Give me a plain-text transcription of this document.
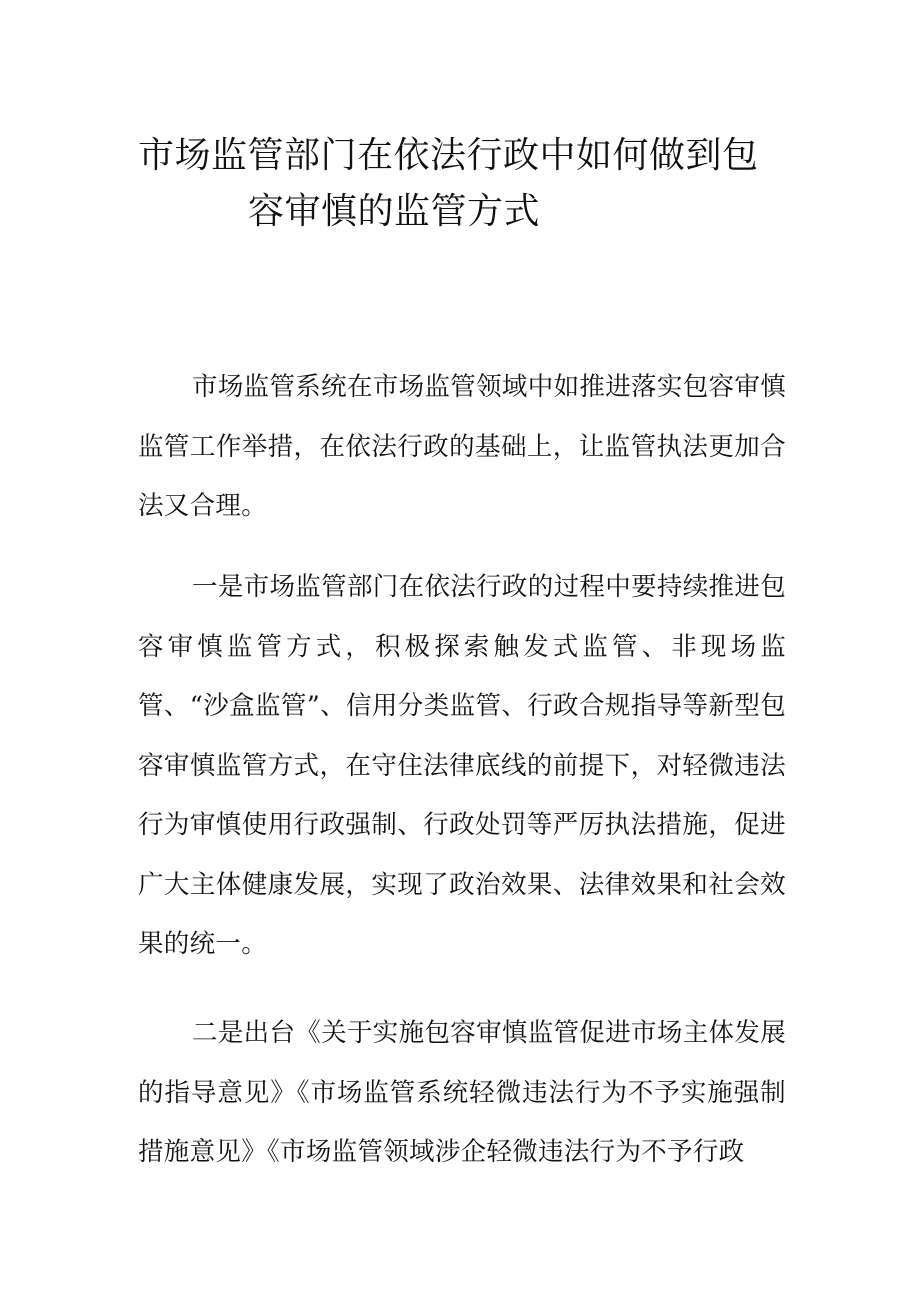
市场监管部门在依法行政中如何做到包
容审慎的监管方式

市场监管系统在市场监管领域中如推进落实包容审慎监管工作举措，在依法行政的基础上，让监管执法更加合法又合理。

一是市场监管部门在依法行政的过程中要持续推进包容审慎监管方式，积极探索触发式监管、非现场监管、“沙盒监管”、信用分类监管、行政合规指导等新型包容审慎监管方式，在守住法律底线的前提下，对轻微违法行为审慎使用行政强制、行政处罚等严厉执法措施，促进广大主体健康发展，实现了政治效果、法律效果和社会效果的统一。

二是出台《关于实施包容审慎监管促进市场主体发展的指导意见》《市场监管系统轻微违法行为不予实施强制措施意见》《市场监管领域涉企轻微违法行为不予行政
